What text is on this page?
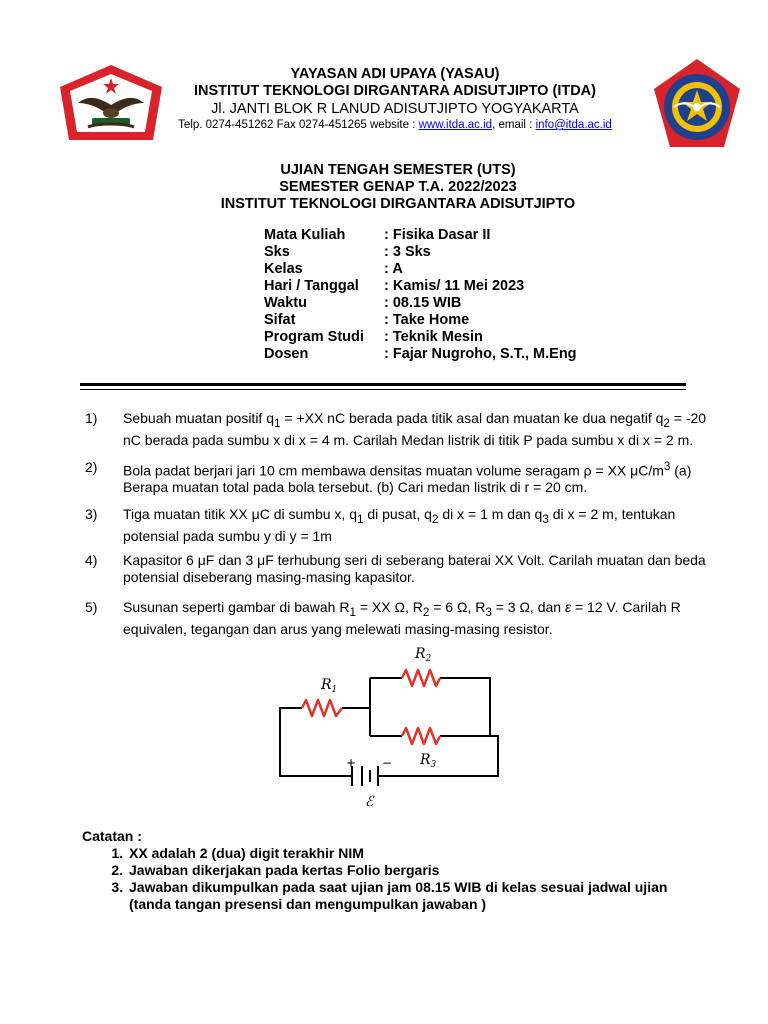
YAYASAN ADI UPAYA (YASAU)
INSTITUT TEKNOLOGI DIRGANTARA ADISUTJIPTO (ITDA)
Jl. JANTI BLOK R LANUD ADISUTJIPTO YOGYAKARTA
Telp. 0274-451262 Fax 0274-451265 website : www.itda.ac.id, email : info@itda.ac.id
UJIAN TENGAH SEMESTER (UTS)
SEMESTER GENAP T.A. 2022/2023
INSTITUT TEKNOLOGI DIRGANTARA ADISUTJIPTO
Mata Kuliah	: Fisika Dasar II
Sks	: 3 Sks
Kelas	: A
Hari / Tanggal	: Kamis/ 11 Mei 2023
Waktu	: 08.15 WIB
Sifat	: Take Home
Program Studi	: Teknik Mesin
Dosen	: Fajar Nugroho, S.T., M.Eng
1)	Sebuah muatan positif $q_1 = +XX$ nC berada pada titik asal dan muatan ke dua negatif $q_2 = -20$ nC berada pada sumbu x di x = 4 m. Carilah Medan listrik di titik P pada sumbu x di x = 2 m.
2)	Bola padat berjari jari 10 cm membawa densitas muatan volume seragam ρ = XX $\mu C/m^3$ (a) Berapa muatan total pada bola tersebut. (b) Cari medan listrik di r = 20 cm.
3)	Tiga muatan titik XX μC di sumbu x, $q_1$ di pusat, $q_2$ di x = 1 m dan $q_3$ di x = 2 m, tentukan potensial pada sumbu y di y = 1m
4)	Kapasitor 6 μF dan 3 μF terhubung seri di seberang baterai XX Volt. Carilah muatan dan beda potensial diseberang masing-masing kapasitor.
5)	Susunan seperti gambar di bawah $R_1$ = XX Ω, $R_2 = 6$ Ω, $R_3 = 3$ Ω, dan ε = 12 V. Carilah R equivalen, tegangan dan arus yang melewati masing-masing resistor.
$R_1$
$R_2$
$R_3$
+ −
ℰ
Catatan :
1. XX adalah 2 (dua) digit terakhir NIM
2. Jawaban dikerjakan pada kertas Folio bergaris
3. Jawaban dikumpulkan pada saat ujian jam 08.15 WIB di kelas sesuai jadwal ujian
(tanda tangan presensi dan mengumpulkan jawaban )
